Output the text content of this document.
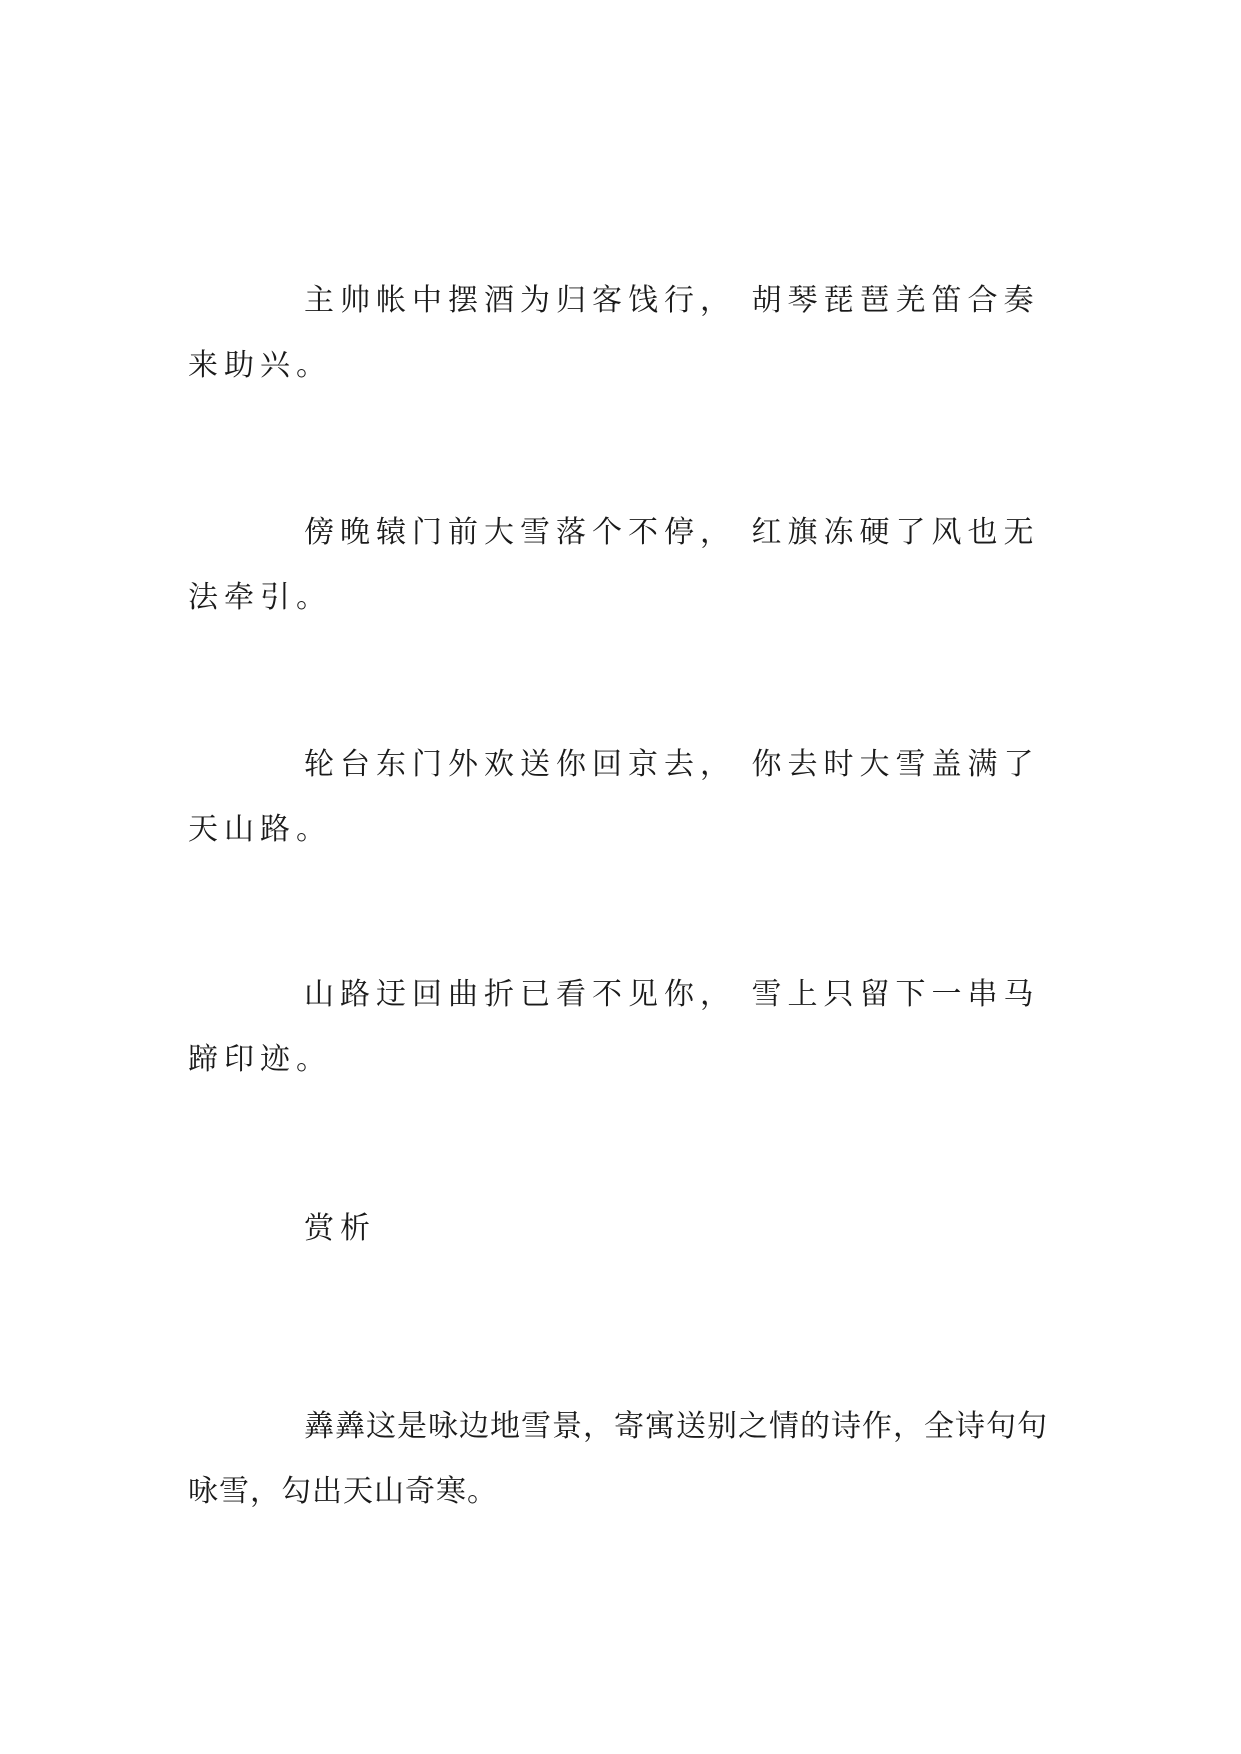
主帅帐中摆酒为归客饯行， 胡琴琵琶羌笛合奏来助兴。

傍晚辕门前大雪落个不停， 红旗冻硬了风也无法牵引。

轮台东门外欢送你回京去， 你去时大雪盖满了天山路。

山路迂回曲折已看不见你， 雪上只留下一串马蹄印迹。

赏析

羴羴这是咏边地雪景，寄寓送别之情的诗作，全诗句句咏雪，勾出天山奇寒。
